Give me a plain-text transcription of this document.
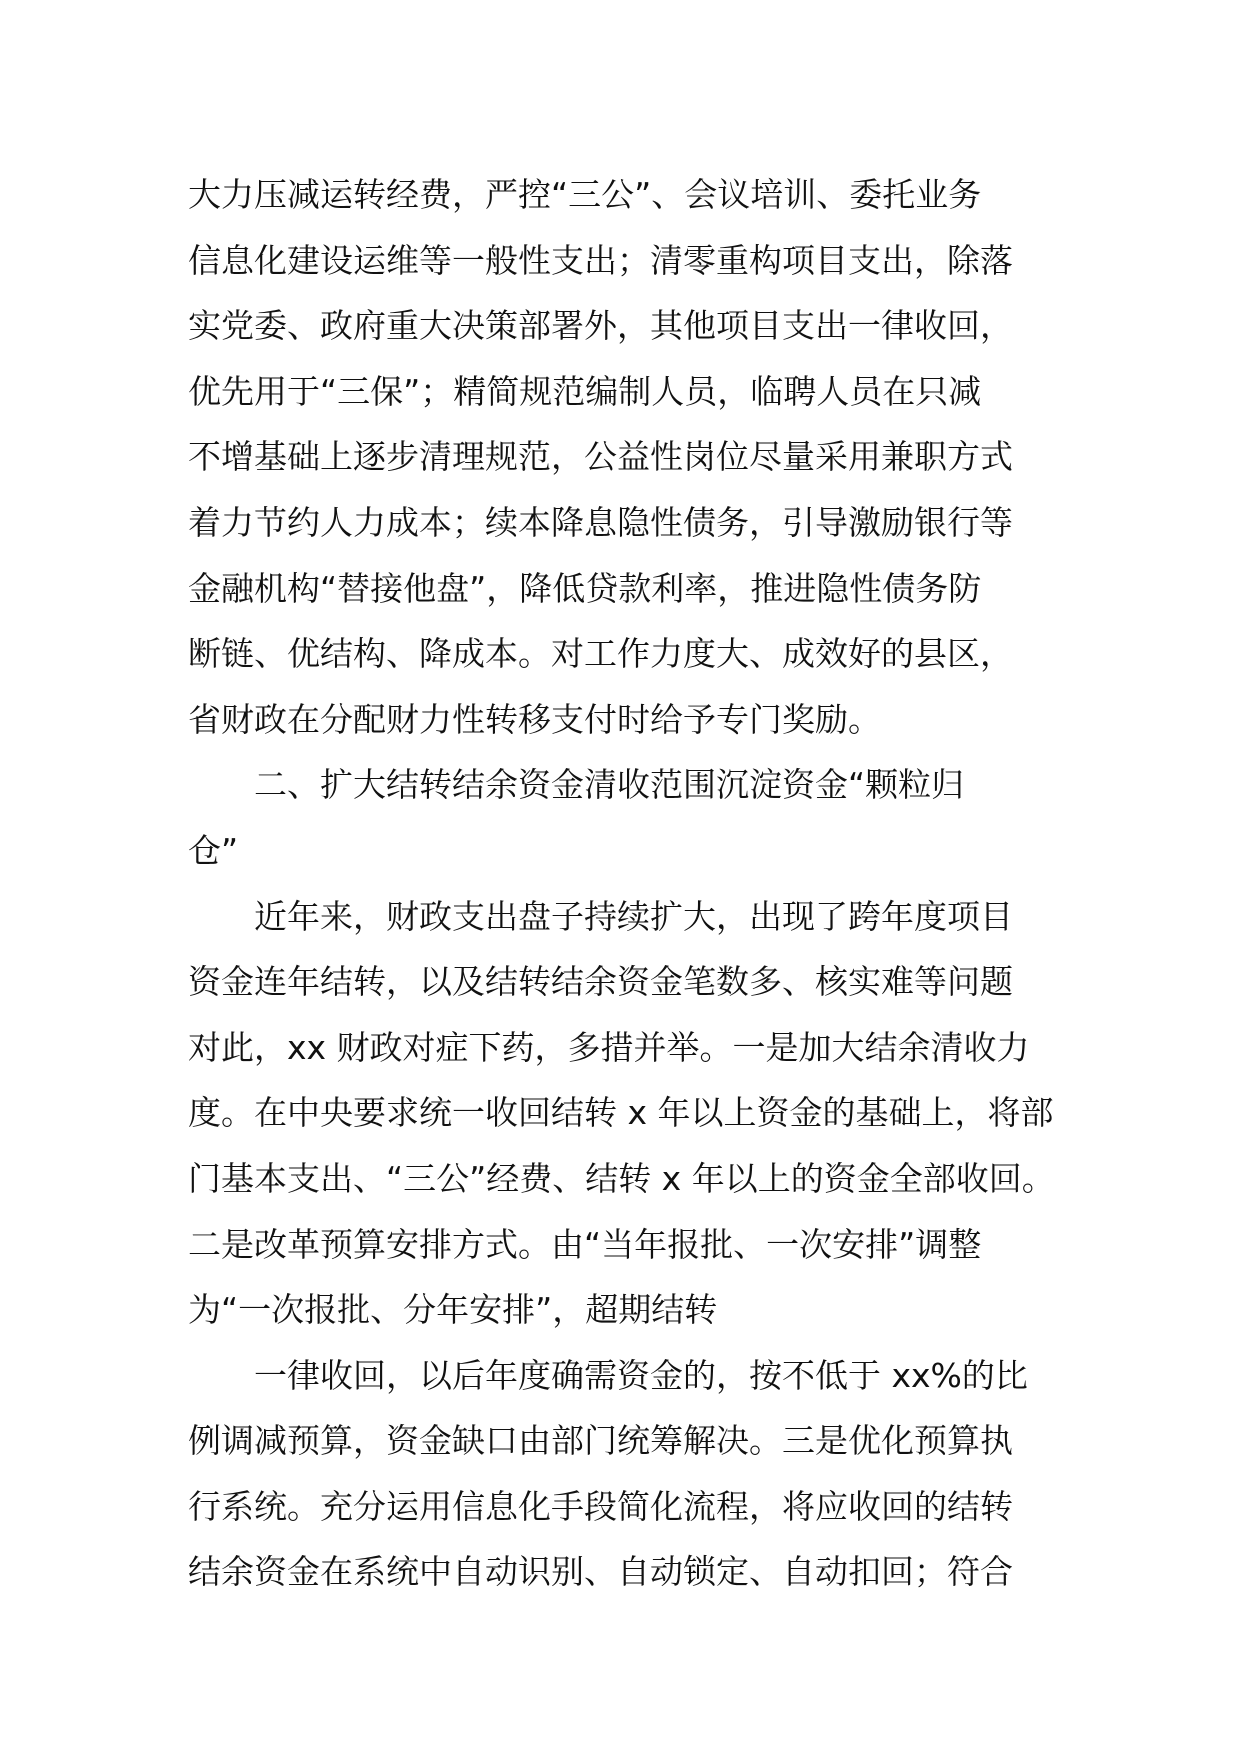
大力压减运转经费，严控“三公”、会议培训、委托业务
信息化建设运维等一般性支出；清零重构项目支出，除落
实党委、政府重大决策部署外，其他项目支出一律收回，
优先用于“三保”；精简规范编制人员，临聘人员在只减
不增基础上逐步清理规范，公益性岗位尽量采用兼职方式
着力节约人力成本；续本降息隐性债务，引导激励银行等
金融机构“替接他盘”，降低贷款利率，推进隐性债务防
断链、优结构、降成本。对工作力度大、成效好的县区，
省财政在分配财力性转移支付时给予专门奖励。
二、扩大结转结余资金清收范围沉淀资金“颗粒归
仓”
近年来，财政支出盘子持续扩大，出现了跨年度项目
资金连年结转，以及结转结余资金笔数多、核实难等问题
对此，xx 财政对症下药，多措并举。一是加大结余清收力
度。在中央要求统一收回结转 x 年以上资金的基础上，将部
门基本支出、“三公”经费、结转 x 年以上的资金全部收回。
二是改革预算安排方式。由“当年报批、一次安排”调整
为“一次报批、分年安排”，超期结转
一律收回，以后年度确需资金的，按不低于 xx%的比
例调减预算，资金缺口由部门统筹解决。三是优化预算执
行系统。充分运用信息化手段简化流程，将应收回的结转
结余资金在系统中自动识别、自动锁定、自动扣回；符合
